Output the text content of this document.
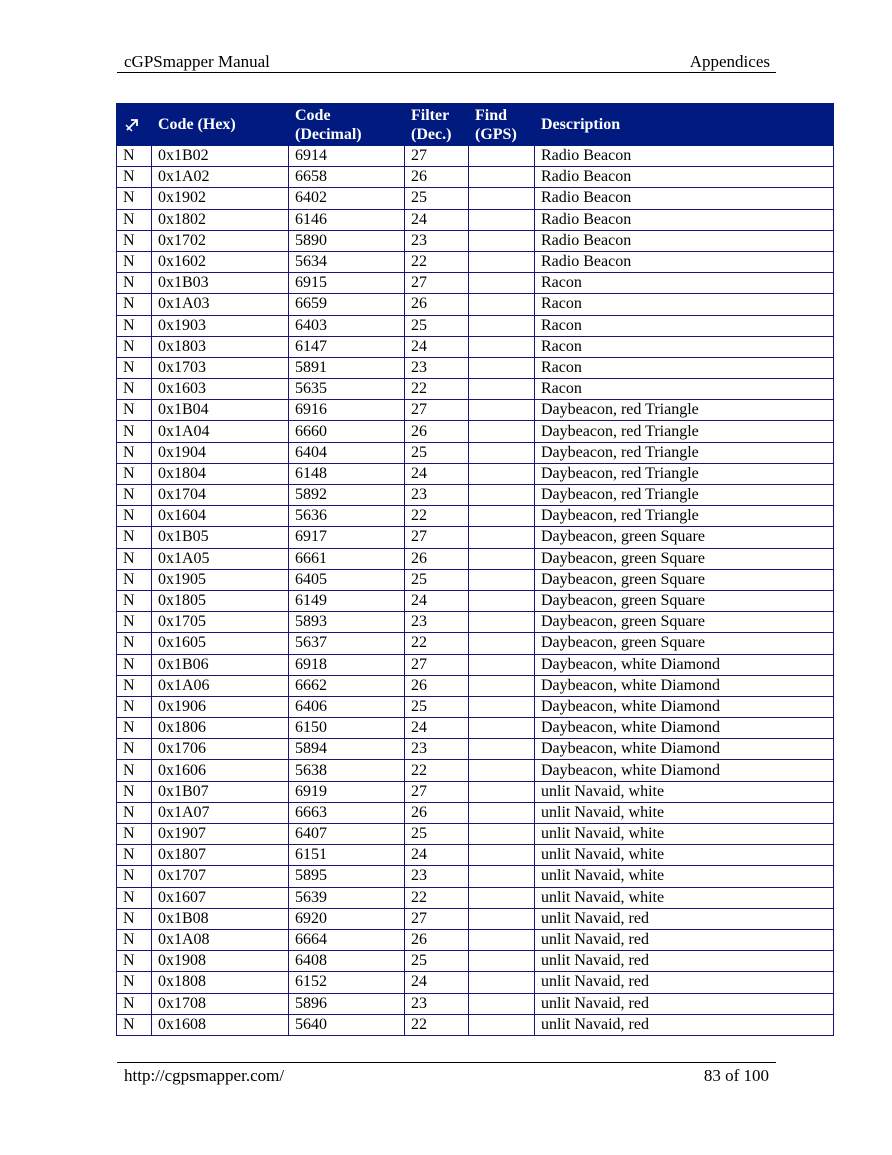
cGPSmapper Manual	Appendices
	Code (Hex)	Code (Decimal)	Filter (Dec.)	Find (GPS)	Description
N	0x1B02	6914	27		Radio Beacon
N	0x1A02	6658	26		Radio Beacon
N	0x1902	6402	25		Radio Beacon
N	0x1802	6146	24		Radio Beacon
N	0x1702	5890	23		Radio Beacon
N	0x1602	5634	22		Radio Beacon
N	0x1B03	6915	27		Racon
N	0x1A03	6659	26		Racon
N	0x1903	6403	25		Racon
N	0x1803	6147	24		Racon
N	0x1703	5891	23		Racon
N	0x1603	5635	22		Racon
N	0x1B04	6916	27		Daybeacon, red Triangle
N	0x1A04	6660	26		Daybeacon, red Triangle
N	0x1904	6404	25		Daybeacon, red Triangle
N	0x1804	6148	24		Daybeacon, red Triangle
N	0x1704	5892	23		Daybeacon, red Triangle
N	0x1604	5636	22		Daybeacon, red Triangle
N	0x1B05	6917	27		Daybeacon, green Square
N	0x1A05	6661	26		Daybeacon, green Square
N	0x1905	6405	25		Daybeacon, green Square
N	0x1805	6149	24		Daybeacon, green Square
N	0x1705	5893	23		Daybeacon, green Square
N	0x1605	5637	22		Daybeacon, green Square
N	0x1B06	6918	27		Daybeacon, white Diamond
N	0x1A06	6662	26		Daybeacon, white Diamond
N	0x1906	6406	25		Daybeacon, white Diamond
N	0x1806	6150	24		Daybeacon, white Diamond
N	0x1706	5894	23		Daybeacon, white Diamond
N	0x1606	5638	22		Daybeacon, white Diamond
N	0x1B07	6919	27		unlit Navaid, white
N	0x1A07	6663	26		unlit Navaid, white
N	0x1907	6407	25		unlit Navaid, white
N	0x1807	6151	24		unlit Navaid, white
N	0x1707	5895	23		unlit Navaid, white
N	0x1607	5639	22		unlit Navaid, white
N	0x1B08	6920	27		unlit Navaid, red
N	0x1A08	6664	26		unlit Navaid, red
N	0x1908	6408	25		unlit Navaid, red
N	0x1808	6152	24		unlit Navaid, red
N	0x1708	5896	23		unlit Navaid, red
N	0x1608	5640	22		unlit Navaid, red
http://cgpsmapper.com/	83 of 100
